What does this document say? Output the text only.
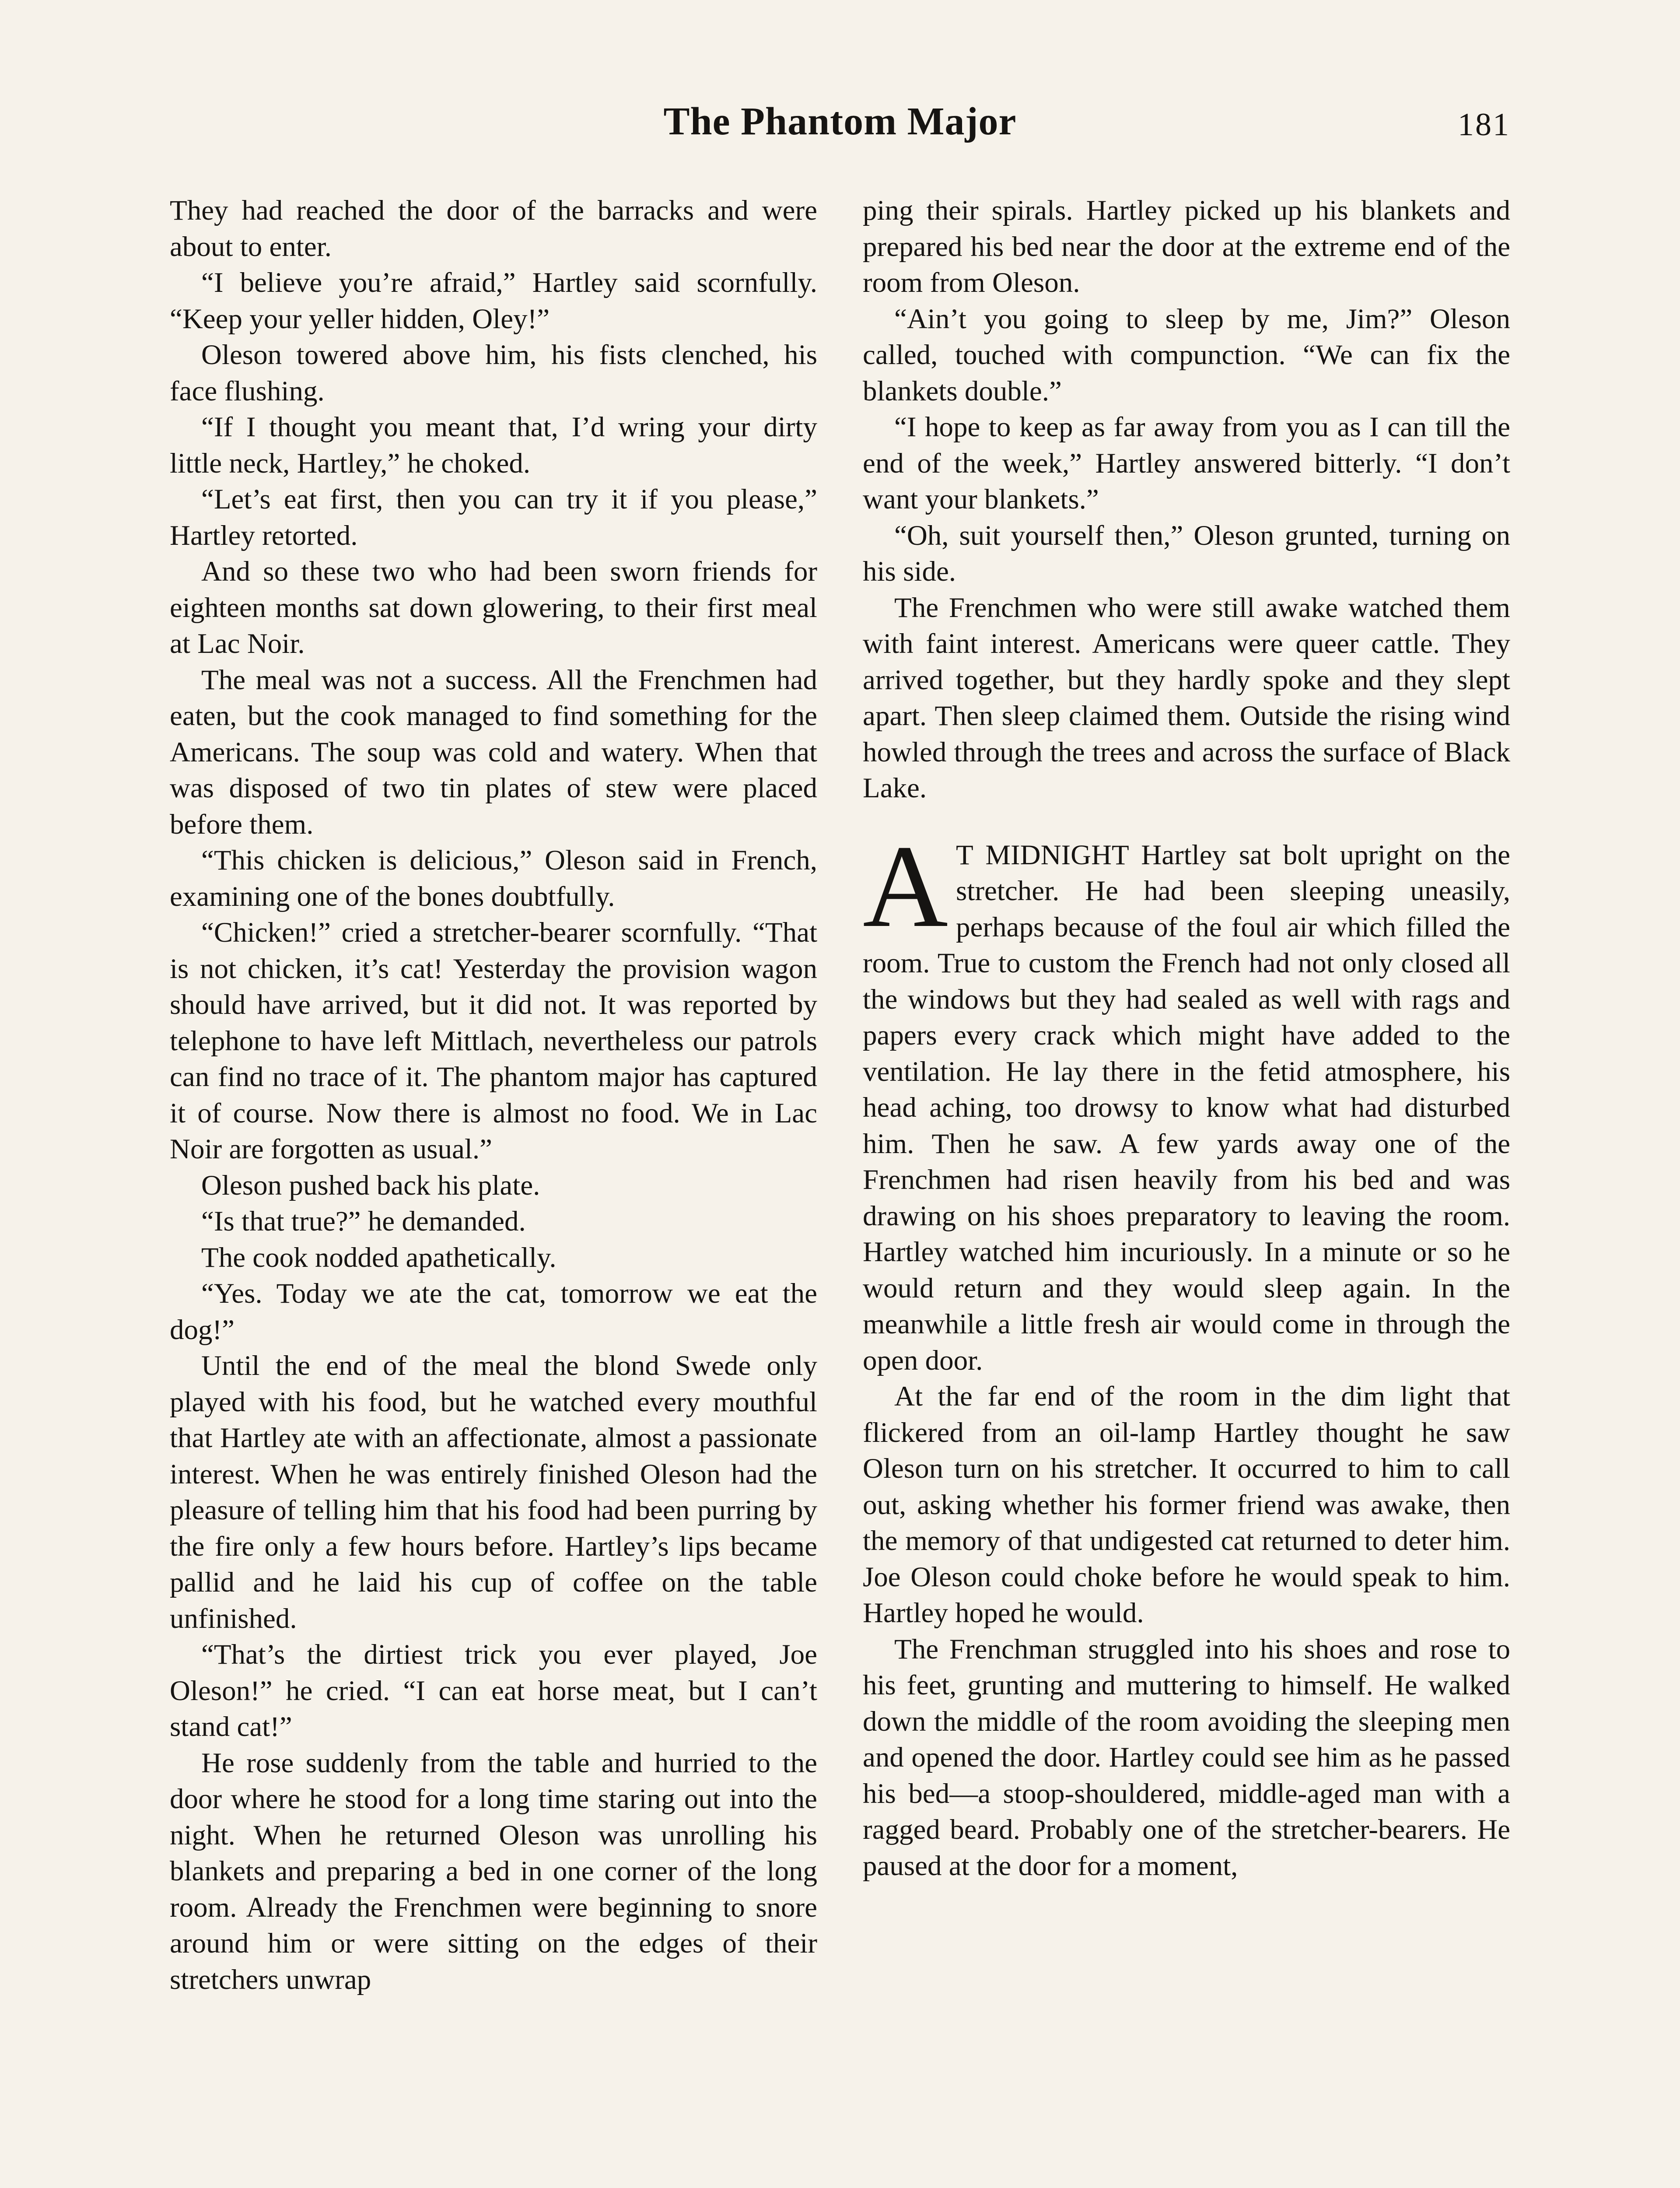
The Phantom Major	181

They had reached the door of the barracks and were about to enter.

“I believe you’re afraid,” Hartley said scornfully. “Keep your yeller hidden, Oley!”

Oleson towered above him, his fists clenched, his face flushing.

“If I thought you meant that, I’d wring your dirty little neck, Hartley,” he choked.

“Let’s eat first, then you can try it if you please,” Hartley retorted.

And so these two who had been sworn friends for eighteen months sat down glowering, to their first meal at Lac Noir.

The meal was not a success. All the Frenchmen had eaten, but the cook managed to find something for the Americans. The soup was cold and watery. When that was disposed of two tin plates of stew were placed before them.

“This chicken is delicious,” Oleson said in French, examining one of the bones doubtfully.

“Chicken!” cried a stretcher-bearer scornfully. “That is not chicken, it’s cat! Yesterday the provision wagon should have arrived, but it did not. It was reported by telephone to have left Mittlach, nevertheless our patrols can find no trace of it. The phantom major has captured it of course. Now there is almost no food. We in Lac Noir are forgotten as usual.”

Oleson pushed back his plate.

“Is that true?” he demanded.

The cook nodded apathetically.

“Yes. Today we ate the cat, tomorrow we eat the dog!”

Until the end of the meal the blond Swede only played with his food, but he watched every mouthful that Hartley ate with an affectionate, almost a passionate interest. When he was entirely finished Oleson had the pleasure of telling him that his food had been purring by the fire only a few hours before. Hartley’s lips became pallid and he laid his cup of coffee on the table unfinished.

“That’s the dirtiest trick you ever played, Joe Oleson!” he cried. “I can eat horse meat, but I can’t stand cat!”

He rose suddenly from the table and hurried to the door where he stood for a long time staring out into the night. When he returned Oleson was unrolling his blankets and preparing a bed in one corner of the long room. Already the Frenchmen were beginning to snore around him or were sitting on the edges of their stretchers unwrap

ping their spirals. Hartley picked up his blankets and prepared his bed near the door at the extreme end of the room from Oleson.

“Ain’t you going to sleep by me, Jim?” Oleson called, touched with compunction. “We can fix the blankets double.”

“I hope to keep as far away from you as I can till the end of the week,” Hartley answered bitterly. “I don’t want your blankets.”

“Oh, suit yourself then,” Oleson grunted, turning on his side.

The Frenchmen who were still awake watched them with faint interest. Americans were queer cattle. They arrived together, but they hardly spoke and they slept apart. Then sleep claimed them. Outside the rising wind howled through the trees and across the surface of Black Lake.

A T MIDNIGHT Hartley sat bolt upright on the stretcher. He had been sleeping uneasily, perhaps because of the foul air which filled the room. True to custom the French had not only closed all the windows but they had sealed as well with rags and papers every crack which might have added to the ventilation. He lay there in the fetid atmosphere, his head aching, too drowsy to know what had disturbed him. Then he saw. A few yards away one of the Frenchmen had risen heavily from his bed and was drawing on his shoes preparatory to leaving the room. Hartley watched him incuriously. In a minute or so he would return and they would sleep again. In the meanwhile a little fresh air would come in through the open door.

At the far end of the room in the dim light that flickered from an oil-lamp Hartley thought he saw Oleson turn on his stretcher. It occurred to him to call out, asking whether his former friend was awake, then the memory of that undigested cat returned to deter him. Joe Oleson could choke before he would speak to him. Hartley hoped he would.

The Frenchman struggled into his shoes and rose to his feet, grunting and muttering to himself. He walked down the middle of the room avoiding the sleeping men and opened the door. Hartley could see him as he passed his bed—a stoop-shouldered, middle-aged man with a ragged beard. Probably one of the stretcher-bearers. He paused at the door for a moment,
